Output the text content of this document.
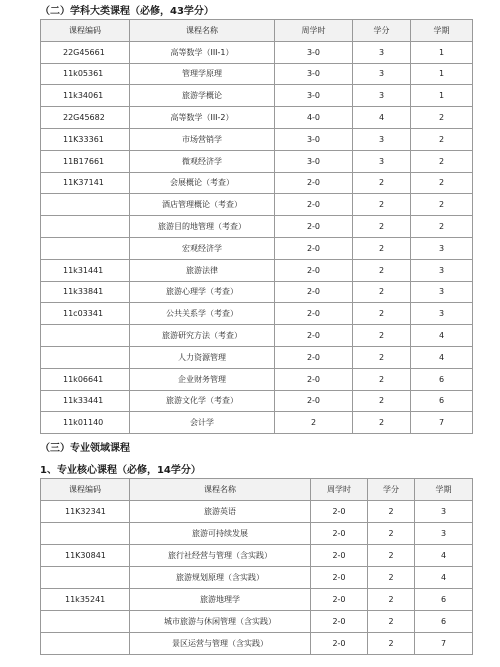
（二）学科大类课程（必修，43学分）
课程编码	课程名称	周学时	学分	学期
22G45661	高等数学（III-1）	3-0	3	1
11k05361	管理学原理	3-0	3	1
11k34061	旅游学概论	3-0	3	1
22G45682	高等数学（III-2）	4-0	4	2
11K33361	市场营销学	3-0	3	2
11B17661	微观经济学	3-0	3	2
11K37141	会展概论（考查）	2-0	2	2
	酒店管理概论（考查）	2-0	2	2
	旅游目的地管理（考查）	2-0	2	2
	宏观经济学	2-0	2	3
11k31441	旅游法律	2-0	2	3
11k33841	旅游心理学（考查）	2-0	2	3
11c03341	公共关系学（考查）	2-0	2	3
	旅游研究方法（考查）	2-0	2	4
	人力资源管理	2-0	2	4
11k06641	企业财务管理	2-0	2	6
11k33441	旅游文化学（考查）	2-0	2	6
11k01140	会计学	2	2	7
（三）专业领域课程
1、专业核心课程（必修，14学分）
课程编码	课程名称	周学时	学分	学期
11K32341	旅游英语	2-0	2	3
	旅游可持续发展	2-0	2	3
11K30841	旅行社经营与管理（含实践）	2-0	2	4
	旅游规划原理（含实践）	2-0	2	4
11k35241	旅游地理学	2-0	2	6
	城市旅游与休闲管理（含实践）	2-0	2	6
	景区运营与管理（含实践）	2-0	2	7
